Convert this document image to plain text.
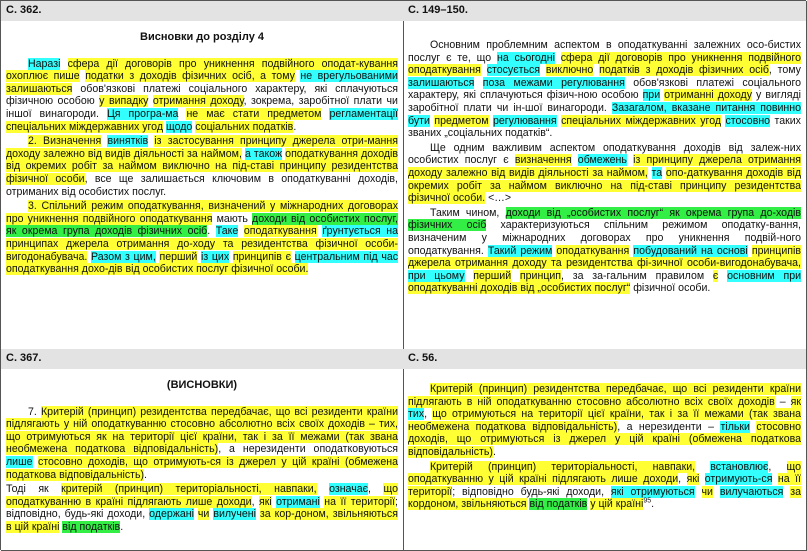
С. 362.
Висновки до розділу 4
Наразі сфера дії договорів про уникнення подвійного оподат-кування охоплює пише податки з доходів фізичних осіб, а тому не врегульованими залишаються обов'язкові платежі соціального характеру, які сплачуються фізичною особою у випадку отримання доходу, зокрема, заробітної плати чи іншої винагороди. Ця програ-ма не має стати предметом регламентації спеціальних міждержавних угод щодо соціальних податків.
2. Визначення виняткiв із застосування принципу джерела отри-мання доходу залежно від видів діяльності за наймом, а також оподаткування доходів від окремих робіт за наймом виключно на під-ставі принципу резидентства фізичної особи, все ще залишається ключовим в оподаткуванні доходів, отриманих від особистих послуг.
3. Спільний режим оподаткування, визначений у міжнародних договорах про уникнення подвійного оподаткування мають доходи від особистих послуг, як окрема група доходів фізичних осіб. Таке оподаткування ґрунтується на принципах джерела отримання до-ходу та резидентства фізичної особи-вигодонабувача. Разом з цим, перший із цих принципів є центральним під час оподаткування дохо-дів від особистих послуг фізичної особи.
С. 149–150.
Основним проблемним аспектом в оподаткуванні залежних осо-бистих послуг є те, що на сьогодні сфера дії договорів про уникнення подвійного оподаткування стосується виключно податків з доходів фізичних осіб, тому залишаються поза межами регулювання обов'язкові платежі соціального характеру, які сплачуються фізич-ною особою при отриманні доходу у вигляді заробітної плати чи ін-шої винагороди. Зазагалом, вказане питання повинно бути предметом регулювання спеціальних міждержавних угод стосовно таких званих „соціальних податків“.
Ще одним важливим аспектом оподаткування доходів від залеж-них особистих послуг є визначення обмежень із принципу джерела отримання доходу залежно від видів діяльності за наймом, та опо-даткування доходів від окремих робіт за наймом виключно на під-ставі принципу резидентства фізичної особи. <…>
Таким чином, доходи від „особистих послуг“ як окрема група до-ходів фізичних осіб характеризуються спільним режимом оподатку-вання, визначеним у міжнародних договорах про уникнення подвій-ного оподаткування. Такий режим оподаткування побудований на основі принципів джерела отримання доходу та резидентства фі-зичної особи-вигодонабувача, при цьому перший принцип, за за-гальним правилом є основним при оподаткуванні доходів від „особистих послуг“ фізичної особи.
С. 367.
(ВИСНОВКИ)
7. Критерій (принцип) резидентства передбачає, що всі резиденти країни підлягають у ній оподаткуванню стосовно абсолютно всіх своїх доходів – тих, що отримуються як на території цієї країни, так і за її межами (так звана необмежена податкова відповідальність), а нерезиденти оподатковуються лише стосовно доходів, що отримують-ся із джерел у цій країні (обмежена податкова відповідальність).
Тоді як критерій (принцип) територіальності, навпаки, означає, що оподаткуванню в країні підлягають лише доходи, які отримані на її території; відповідно, будь-які доходи, одержані чи вилучені за кор-доном, звільняються в цій країні від податків.
С. 56.
Критерій (принцип) резидентства передбачає, що всі резиденти країни підлягають в ній оподаткуванню стосовно абсолютно всіх своїх доходів – як тих, що отримуються на території цієї країни, так і за її межами (так звана необмежена податкова відповідальність), а нерезиденти – тільки стосовно доходів, що отримуються із джерел у цій країні (обмежена податкова відповідальність).
Критерій (принцип) територіальності, навпаки, встановлює, що оподаткуванню у цій країні підлягають лише доходи, які отримують-ся на її території; відповідно будь-які доходи, які отримуються чи вилучаються за кордоном, звільняються від податків у цій країні$^{95}$.
